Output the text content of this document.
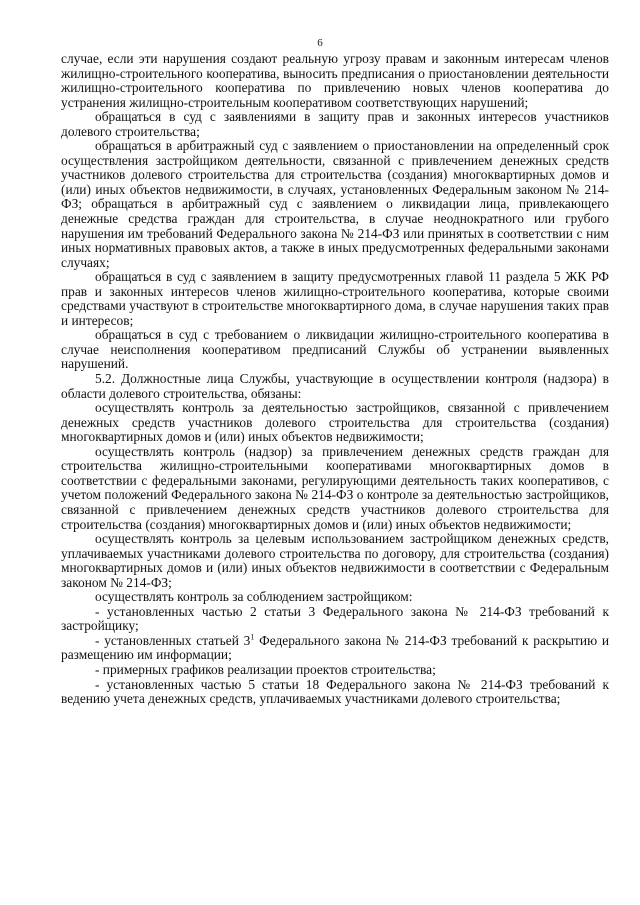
6

случае, если эти нарушения создают реальную угрозу правам и законным интересам членов жилищно-строительного кооператива, выносить предписания о приостановлении деятельности жилищно-строительного кооператива по привлечению новых членов кооператива до устранения жилищно-строительным кооперативом соответствующих нарушений;

обращаться в суд с заявлениями в защиту прав и законных интересов участников долевого строительства;

обращаться в арбитражный суд с заявлением о приостановлении на определенный срок осуществления застройщиком деятельности, связанной с привлечением денежных средств участников долевого строительства для строительства (создания) многоквартирных домов и (или) иных объектов недвижимости, в случаях, установленных Федеральным законом № 214-ФЗ; обращаться в арбитражный суд с заявлением о ликвидации лица, привлекающего денежные средства граждан для строительства, в случае неоднократного или грубого нарушения им требований Федерального закона № 214-ФЗ или принятых в соответствии с ним иных нормативных правовых актов, а также в иных предусмотренных федеральными законами случаях;

обращаться в суд с заявлением в защиту предусмотренных главой 11 раздела 5 ЖК РФ прав и законных интересов членов жилищно-строительного кооператива, которые своими средствами участвуют в строительстве многоквартирного дома, в случае нарушения таких прав и интересов;

обращаться в суд с требованием о ликвидации жилищно-строительного кооператива в случае неисполнения кооперативом предписаний Службы об устранении выявленных нарушений.

5.2. Должностные лица Службы, участвующие в осуществлении контроля (надзора) в области долевого строительства, обязаны:

осуществлять контроль за деятельностью застройщиков, связанной с привлечением денежных средств участников долевого строительства для строительства (создания) многоквартирных домов и (или) иных объектов недвижимости;

осуществлять контроль (надзор) за привлечением денежных средств граждан для строительства жилищно-строительными кооперативами многоквартирных домов в соответствии с федеральными законами, регулирующими деятельность таких кооперативов, с учетом положений Федерального закона № 214-ФЗ о контроле за деятельностью застройщиков, связанной с привлечением денежных средств участников долевого строительства для строительства (создания) многоквартирных домов и (или) иных объектов недвижимости;

осуществлять контроль за целевым использованием застройщиком денежных средств, уплачиваемых участниками долевого строительства по договору, для строительства (создания) многоквартирных домов и (или) иных объектов недвижимости в соответствии с Федеральным законом № 214-ФЗ;

осуществлять контроль за соблюдением застройщиком:

- установленных частью 2 статьи 3 Федерального закона № 214-ФЗ требований к застройщику;

- установленных статьей $3^1$ Федерального закона № 214-ФЗ требований к раскрытию и размещению им информации;

- примерных графиков реализации проектов строительства;

- установленных частью 5 статьи 18 Федерального закона № 214-ФЗ требований к ведению учета денежных средств, уплачиваемых участниками долевого строительства;
